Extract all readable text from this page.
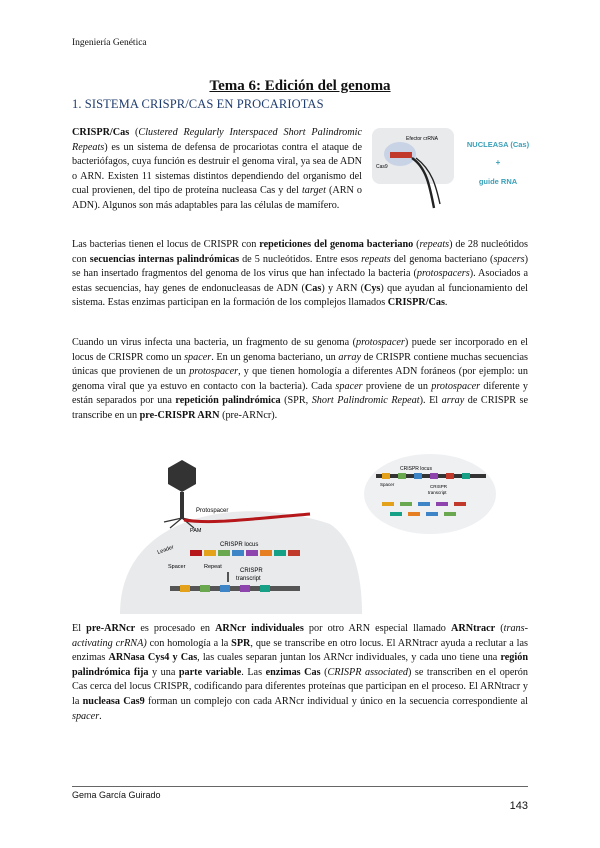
Ingeniería Genética
Tema 6: Edición del genoma
1. SISTEMA CRISPR/CAS EN PROCARIOTAS
CRISPR/Cas (Clustered Regularly Interspaced Short Palindromic Repeats) es un sistema de defensa de procariotas contra el ataque de bacteriófagos, cuya función es destruir el genoma viral, ya sea de ADN o ARN. Existen 11 sistemas distintos dependiendo del organismo del cual provienen, del tipo de proteína nucleasa Cas y del target (ARN o ADN). Algunos son más adaptables para las células de mamífero.
Efector crRNA
Cas9
NUCLEASA (Cas)
+
guide RNA
Las bacterias tienen el locus de CRISPR con repeticiones del genoma bacteriano (repeats) de 28 nucleótidos con secuencias internas palindrómicas de 5 nucleótidos. Entre esos repeats del genoma bacteriano (spacers) se han insertado fragmentos del genoma de los virus que han infectado la bacteria (protospacers). Asociados a estas secuencias, hay genes de endonucleasas de ADN (Cas) y ARN (Cys) que ayudan al funcionamiento del sistema. Estas enzimas participan en la formación de los complejos llamados CRISPR/Cas.
Cuando un virus infecta una bacteria, un fragmento de su genoma (protospacer) puede ser incorporado en el locus de CRISPR como un spacer. En un genoma bacteriano, un array de CRISPR contiene muchas secuencias únicas que provienen de un protospacer, y que tienen homología a diferentes ADN foráneos (por ejemplo: un genoma viral que ya estuvo en contacto con la bacteria). Cada spacer proviene de un protospacer diferente y están separados por una repetición palindrómica (SPR, Short Palindromic Repeat). El array de CRISPR se transcribe en un pre-CRISPR ARN (pre-ARNcr).
Protospacer
PAM
CRISPR locus
Leader
Spacer	Repeat
CRISPR
transcript
CRISPR locus
Spacer	CRISPR
transcript
El pre-ARNcr es procesado en ARNcr individuales por otro ARN especial llamado ARNtracr (trans-activating crRNA) con homología a la SPR, que se transcribe en otro locus. El ARNtracr ayuda a reclutar a las enzimas ARNasa Cys4 y Cas, las cuales separan juntan los ARNcr individuales, y cada uno tiene una región palindrómica fija y una parte variable. Las enzimas Cas (CRISPR associated) se transcriben en el operón Cas cerca del locus CRISPR, codificando para diferentes proteínas que participan en el proceso. El ARNtracr y la nucleasa Cas9 forman un complejo con cada ARNcr individual y único en la secuencia correspondiente al spacer.
Gema García Guirado
143
